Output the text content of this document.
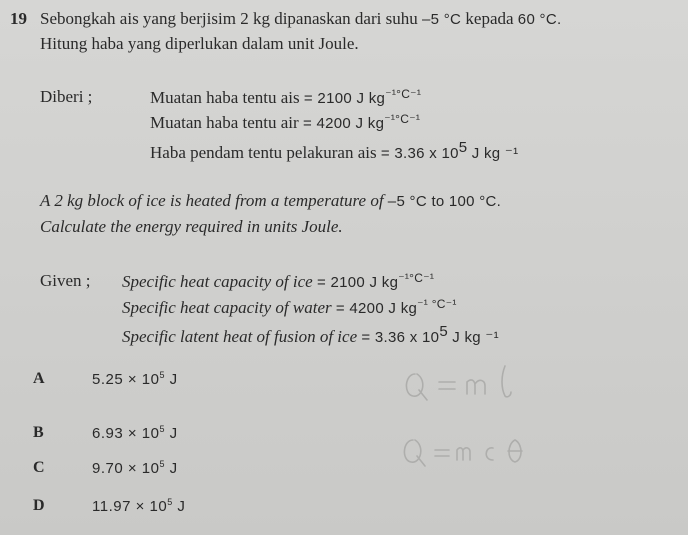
19 Sebongkah ais yang berjisim 2 kg dipanaskan dari suhu –5 °C kepada 60 °C.
Hitung haba yang diperlukan dalam unit Joule.
Diberi ;	Muatan haba tentu ais = 2100 J $kg^{^{-1}^\circ C^{-1}}$
Muatan haba tentu air = 4200 J $kg^{^{-1}^\circ C^{-1}}$
Haba pendam tentu pelakuran ais = 3.36 x $10^5$ J kg ⁻¹
A 2 kg block of ice is heated from a temperature of –5 °C to 100 °C.
Calculate the energy required in units Joule.
Given ; Specific heat capacity of ice = 2100 J $kg^{^{-1}^\circ C^{-1}}$
Specific heat capacity of water = 4200 J $kg^{^{-1} ^\circ C^{-1}}$
Specific latent heat of fusion of ice = 3.36 x $10^5$ J kg ⁻¹
A	$5.25 \times 10^5$ J
B	$6.93 \times 10^5$ J
C	$9.70 \times 10^5$ J
D	$11.97 \times 10^5$ J
